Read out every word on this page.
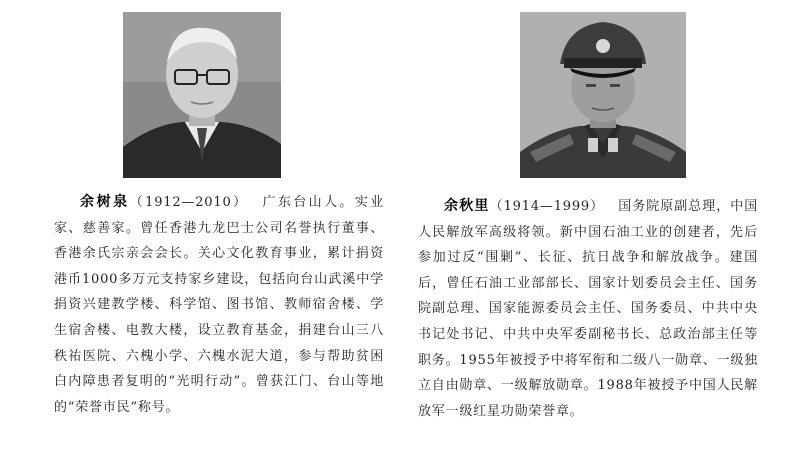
余树泉（1912—2010） 广东台山人。实业家、慈善家。曾任香港九龙巴士公司名誉执行董事、香港余氏宗亲会会长。关心文化教育事业，累计捐资港币1000多万元支持家乡建设，包括向台山武溪中学捐资兴建教学楼、科学馆、图书馆、教师宿舍楼、学生宿舍楼、电教大楼，设立教育基金，捐建台山三八秩祐医院、六槐小学、六槐水泥大道，参与帮助贫困白内障患者复明的“光明行动”。曾获江门、台山等地的“荣誉市民”称号。
余秋里（1914—1999） 国务院原副总理，中国人民解放军高级将领。新中国石油工业的创建者，先后参加过反“围剿”、长征、抗日战争和解放战争。建国后，曾任石油工业部部长、国家计划委员会主任、国务院副总理、国家能源委员会主任、国务委员、中共中央书记处书记、中共中央军委副秘书长、总政治部主任等职务。1955年被授予中将军衔和二级八一勋章、一级独立自由勋章、一级解放勋章。1988年被授予中国人民解放军一级红星功勋荣誉章。
